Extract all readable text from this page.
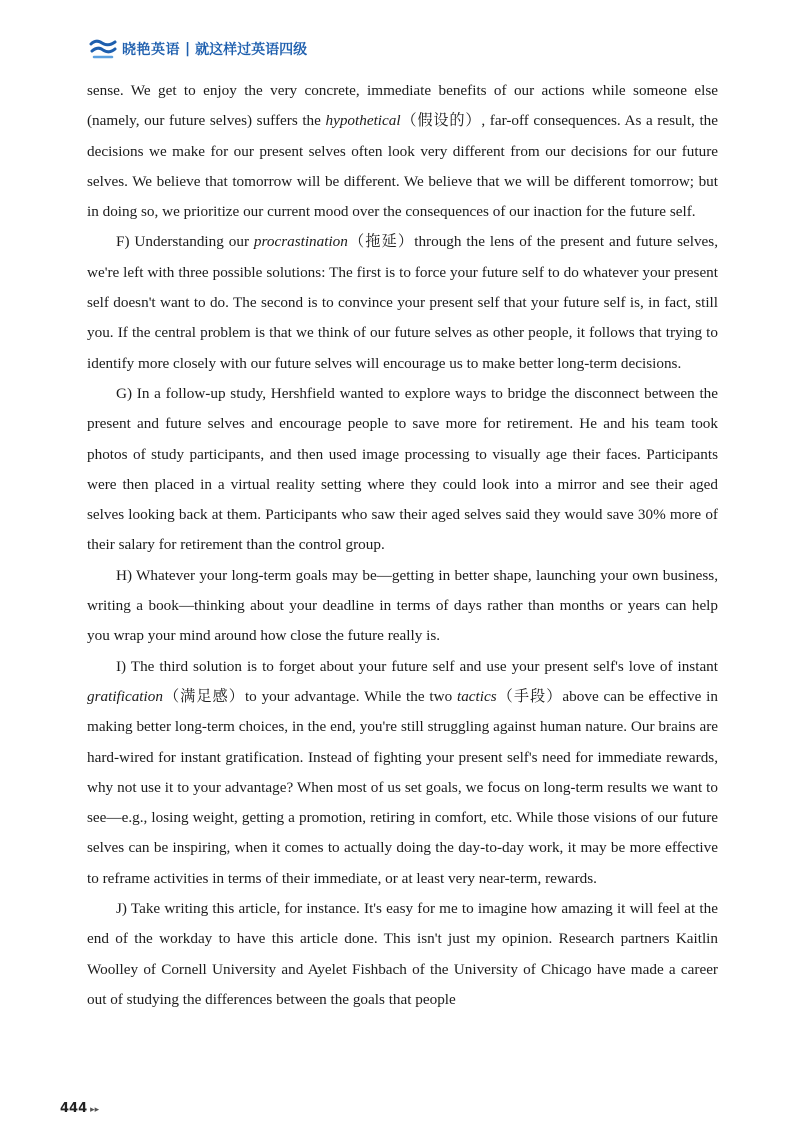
晓艳英语 | 就这样过英语四级

sense. We get to enjoy the very concrete, immediate benefits of our actions while someone else (namely, our future selves) suffers the hypothetical（假设的）, far-off consequences. As a result, the decisions we make for our present selves often look very different from our decisions for our future selves. We believe that tomorrow will be different. We believe that we will be different tomorrow; but in doing so, we prioritize our current mood over the consequences of our inaction for the future self.

F) Understanding our procrastination（拖延）through the lens of the present and future selves, we're left with three possible solutions: The first is to force your future self to do whatever your present self doesn't want to do. The second is to convince your present self that your future self is, in fact, still you. If the central problem is that we think of our future selves as other people, it follows that trying to identify more closely with our future selves will encourage us to make better long-term decisions.

G) In a follow-up study, Hershfield wanted to explore ways to bridge the disconnect between the present and future selves and encourage people to save more for retirement. He and his team took photos of study participants, and then used image processing to visually age their faces. Participants were then placed in a virtual reality setting where they could look into a mirror and see their aged selves looking back at them. Participants who saw their aged selves said they would save 30% more of their salary for retirement than the control group.

H) Whatever your long-term goals may be—getting in better shape, launching your own business, writing a book—thinking about your deadline in terms of days rather than months or years can help you wrap your mind around how close the future really is.

I) The third solution is to forget about your future self and use your present self's love of instant gratification（满足感）to your advantage. While the two tactics（手段）above can be effective in making better long-term choices, in the end, you're still struggling against human nature. Our brains are hard-wired for instant gratification. Instead of fighting your present self's need for immediate rewards, why not use it to your advantage? When most of us set goals, we focus on long-term results we want to see—e.g., losing weight, getting a promotion, retiring in comfort, etc. While those visions of our future selves can be inspiring, when it comes to actually doing the day-to-day work, it may be more effective to reframe activities in terms of their immediate, or at least very near-term, rewards.

J) Take writing this article, for instance. It's easy for me to imagine how amazing it will feel at the end of the workday to have this article done. This isn't just my opinion. Research partners Kaitlin Woolley of Cornell University and Ayelet Fishbach of the University of Chicago have made a career out of studying the differences between the goals that people

444 ▸▸
